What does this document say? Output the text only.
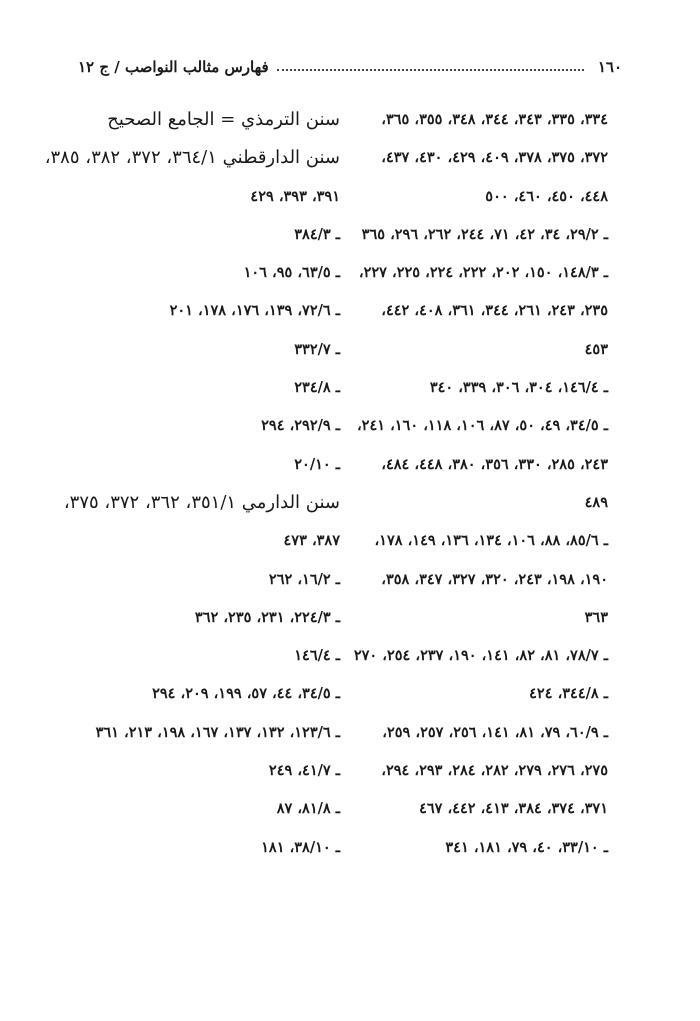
١٦٠
فهارس مثالب النواصب / ج ١٢
٣٣٤، ٣٣٥، ٣٤٣، ٣٤٤، ٣٤٨، ٣٥٥، ٣٦٥،
٣٧٢، ٣٧٥، ٣٧٨، ٤٠٩، ٤٢٩، ٤٣٠، ٤٣٧،
٤٤٨، ٤٥٠، ٤٦٠، ٥٠٠
ـ ٢٩/٢، ٣٤، ٤٢، ٧١، ٢٤٤، ٢٦٢، ٢٩٦، ٣٦٥
ـ ١٤٨/٣، ١٥٠، ٢٠٢، ٢٢٢، ٢٢٤، ٢٢٥، ٢٢٧،
٢٣٥، ٢٤٣، ٢٦١، ٣٤٤، ٣٦١، ٤٠٨، ٤٤٢،
٤٥٣
ـ ١٤٦/٤، ٣٠٤، ٣٠٦، ٣٣٩، ٣٤٠
ـ ٣٤/٥، ٤٩، ٥٠، ٨٧، ١٠٦، ١١٨، ١٦٠، ٢٤١،
٢٤٣، ٢٨٥، ٣٣٠، ٣٥٦، ٣٨٠، ٤٤٨، ٤٨٤،
٤٨٩
ـ ٨٥/٦، ٨٨، ١٠٦، ١٣٤، ١٣٦، ١٤٩، ١٧٨،
١٩٠، ١٩٨، ٢٤٣، ٣٢٠، ٣٢٧، ٣٤٧، ٣٥٨،
٣٦٣
ـ ٧٨/٧، ٨١، ٨٢، ١٤١، ١٩٠، ٢٣٧، ٢٥٤، ٢٧٠
ـ ٣٤٤/٨، ٤٢٤
ـ ٦٠/٩، ٧٩، ٨١، ١٤١، ٢٥٦، ٢٥٧، ٢٥٩،
٢٧٥، ٢٧٦، ٢٧٩، ٢٨٢، ٢٨٤، ٢٩٣، ٢٩٤،
٣٧١، ٣٧٤، ٣٨٤، ٤١٣، ٤٤٢، ٤٦٧
ـ ٣٣/١٠، ٤٠، ٧٩، ١٨١، ٣٤١
سنن الترمذي = الجامع الصحيح
سنن الدارقطني ٣٦٤/١، ٣٧٢، ٣٨٢، ٣٨٥،
٣٩١، ٣٩٣، ٤٢٩
ـ ٣٨٤/٣
ـ ٦٣/٥، ٩٥، ١٠٦
ـ ٧٢/٦، ١٣٩، ١٧٦، ١٧٨، ٢٠١
ـ ٣٣٢/٧
ـ ٢٣٤/٨
ـ ٢٩٢/٩، ٢٩٤
ـ ٢٠/١٠
سنن الدارمي ٣٥١/١، ٣٦٢، ٣٧٢، ٣٧٥،
٣٨٧، ٤٧٣
ـ ١٦/٢، ٢٦٢
ـ ٢٢٤/٣، ٢٣١، ٢٣٥، ٣٦٢
ـ ١٤٦/٤
ـ ٣٤/٥، ٤٤، ٥٧، ١٩٩، ٢٠٩، ٢٩٤
ـ ١٢٣/٦، ١٣٢، ١٣٧، ١٦٧، ١٩٨، ٢١٣، ٣٦١
ـ ٤١/٧، ٢٤٩
ـ ٨١/٨، ٨٧
ـ ٣٨/١٠، ١٨١
